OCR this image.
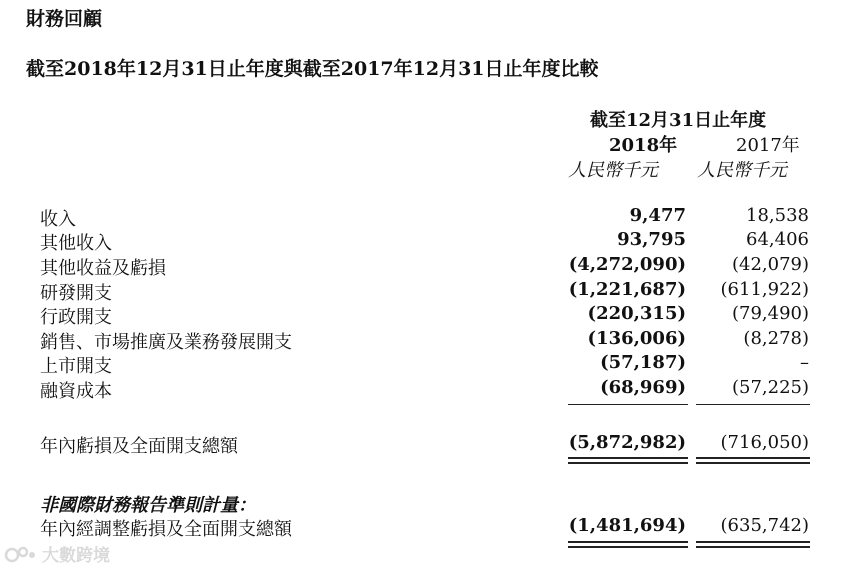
財務回顧
截至2018年12月31日止年度與截至2017年12月31日止年度比較
截至12月31日止年度
2018年	2017年
人民幣千元 人民幣千元
收入	9,477	18,538
其他收入	93,795	64,406
其他收益及虧損	(4,272,090)	(42,079)
研發開支	(1,221,687) (611,922)
行政開支	(220,315)	(79,490)
銷售、市場推廣及業務發展開支	(136,006)	(8,278)
上市開支	(57,187)	–
融資成本	(68,969)	(57,225)
年內虧損及全面開支總額	(5,872,982) (716,050)
非國際財務報告準則計量：
年內經調整虧損及全面開支總額	(1,481,694) (635,742)
大數跨境
